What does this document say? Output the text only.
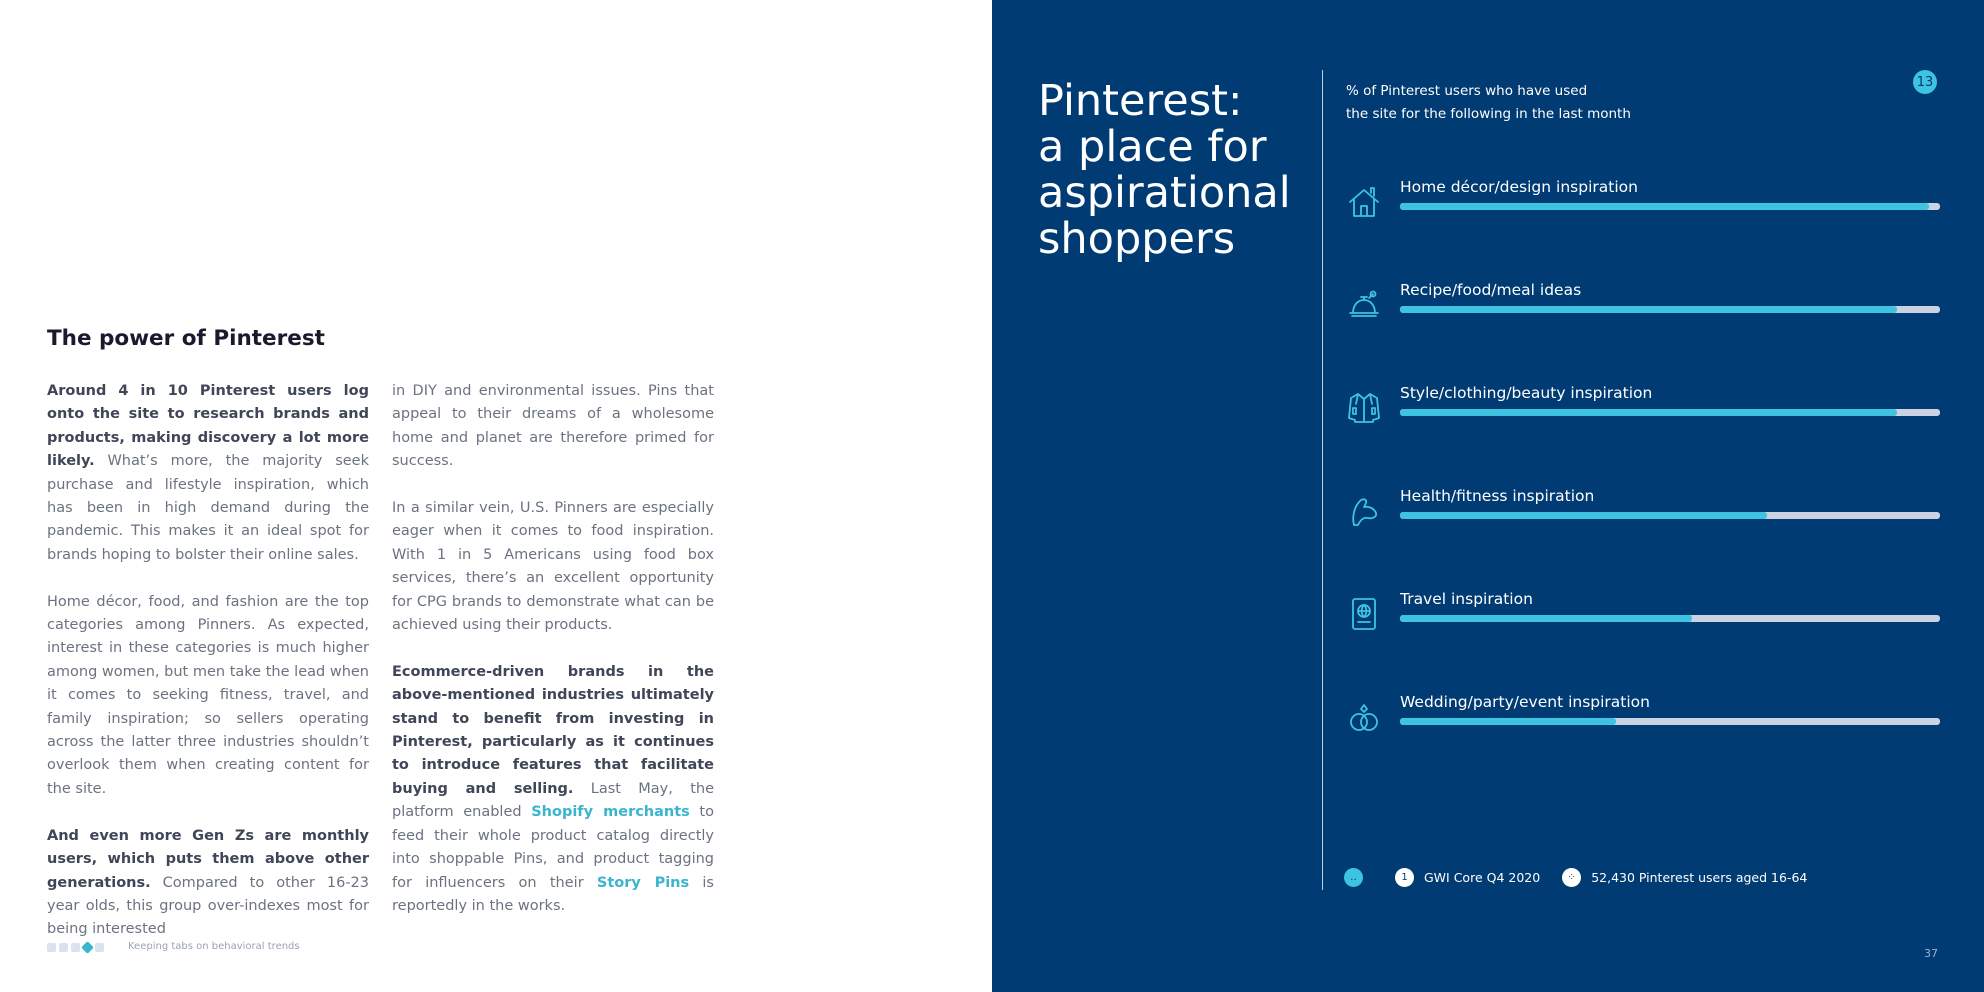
The power of Pinterest

Around 4 in 10 Pinterest users log onto the site to research brands and products, making discovery a lot more likely. What’s more, the majority seek purchase and lifestyle inspiration, which has been in high demand during the pandemic. This makes it an ideal spot for brands hoping to bolster their online sales.

Home décor, food, and fashion are the top categories among Pinners. As expected, interest in these categories is much higher among women, but men take the lead when it comes to seeking fitness, travel, and family inspiration; so sellers operating across the latter three industries shouldn’t overlook them when creating content for the site.

And even more Gen Zs are monthly users, which puts them above other generations. Compared to other 16-23 year olds, this group over-indexes most for being interested

in DIY and environmental issues. Pins that appeal to their dreams of a wholesome home and planet are therefore primed for success.

In a similar vein, U.S. Pinners are especially eager when it comes to food inspiration. With 1 in 5 Americans using food box services, there’s an excellent opportunity for CPG brands to demonstrate what can be achieved using their products.

Ecommerce-driven brands in the above-mentioned industries ultimately stand to benefit from investing in Pinterest, particularly as it continues to introduce features that facilitate buying and selling. Last May, the platform enabled Shopify merchants to feed their whole product catalog directly into shoppable Pins, and product tagging for influencers on their Story Pins is reportedly in the works.

Keeping tabs on behavioral trends
Pinterest:
a place for
aspirational
shoppers
% of Pinterest users who have used
the site for the following in the last month
13
Home décor/design inspiration
Recipe/food/meal ideas
Style/clothing/beauty inspiration
Health/fitness inspiration
Travel inspiration
Wedding/party/event inspiration
‥	1	GWI Core Q4 2020	⁘	52,430 Pinterest users aged 16-64
37
